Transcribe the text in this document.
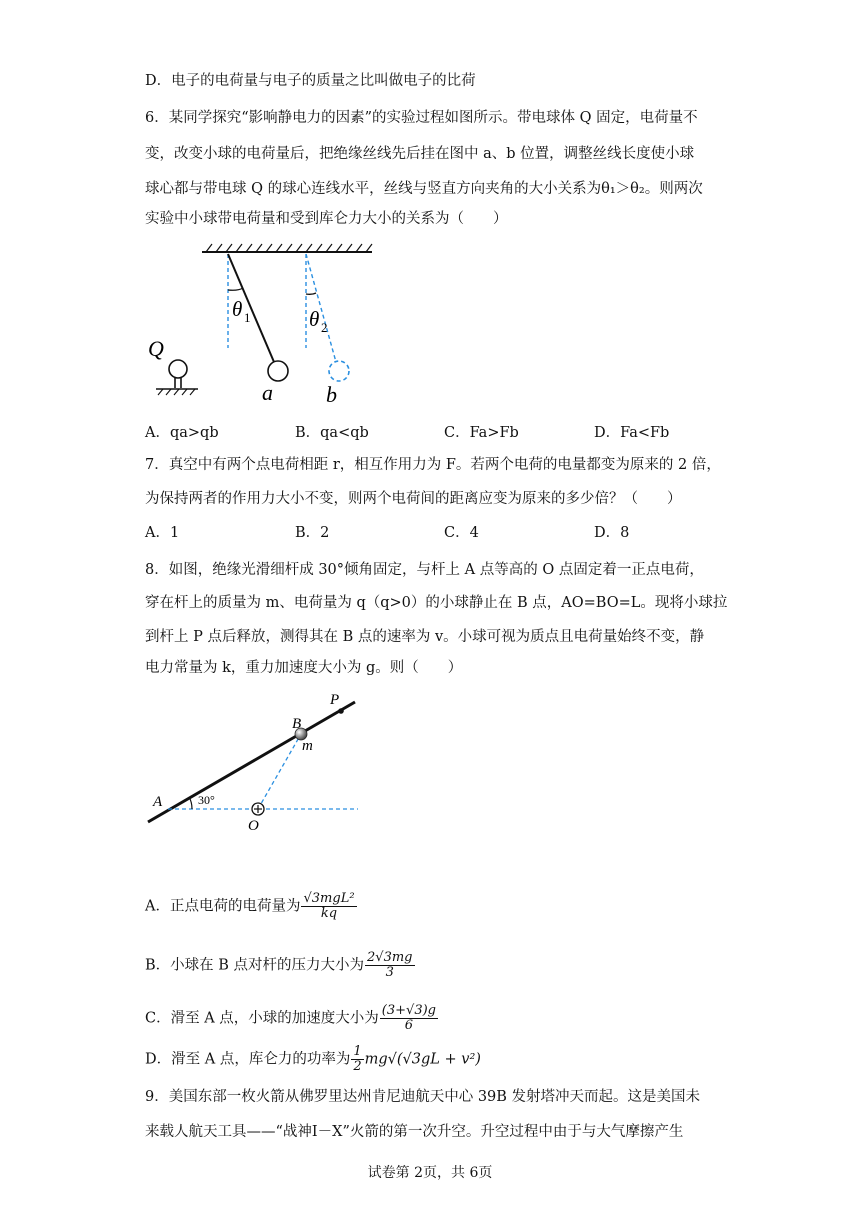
D．电子的电荷量与电子的质量之比叫做电子的比荷
6．某同学探究“影响静电力的因素”的实验过程如图所示。带电球体 Q 固定，电荷量不
变，改变小球的电荷量后，把绝缘丝线先后挂在图中 a、b 位置，调整丝线长度使小球
球心都与带电球 Q 的球心连线水平，丝线与竖直方向夹角的大小关系为θ₁＞θ₂。则两次
实验中小球带电荷量和受到库仑力大小的关系为（　　）
Q
a b
θ 1	θ 2
A．qa>qb	B．qa<qb	C．Fa>Fb	D．Fa<Fb
7．真空中有两个点电荷相距 r，相互作用力为 F。若两个电荷的电量都变为原来的 2 倍，
为保持两者的作用力大小不变，则两个电荷间的距离应变为原来的多少倍？（　　）
A．1	B．2	C．4	D．8
8．如图，绝缘光滑细杆成 30°倾角固定，与杆上 A 点等高的 O 点固定着一正点电荷，
穿在杆上的质量为 m、电荷量为 q（q>0）的小球静止在 B 点，AO=BO=L。现将小球拉
到杆上 P 点后释放，测得其在 B 点的速率为 v。小球可视为质点且电荷量始终不变，静
电力常量为 k，重力加速度大小为 g。则（　　）
P
B
m
A	30°
O
A．正点电荷的电荷量为 $\frac{\text{√3mgL²}}{kq}$
B．小球在 B 点对杆的压力大小为 $\frac{2√3mg}{3}$
C．滑至 A 点，小球的加速度大小为 $\frac{(3+√3)g}{6}$
D．滑至 A 点，库仑力的功率为 $\frac{1}{2} mg√(√3gL + v^2)$
9．美国东部一枚火箭从佛罗里达州肯尼迪航天中心 39B 发射塔冲天而起。这是美国未
来载人航天工具——“战神Ⅰ－X”火箭的第一次升空。升空过程中由于与大气摩擦产生
试卷第 2页，共 6页
